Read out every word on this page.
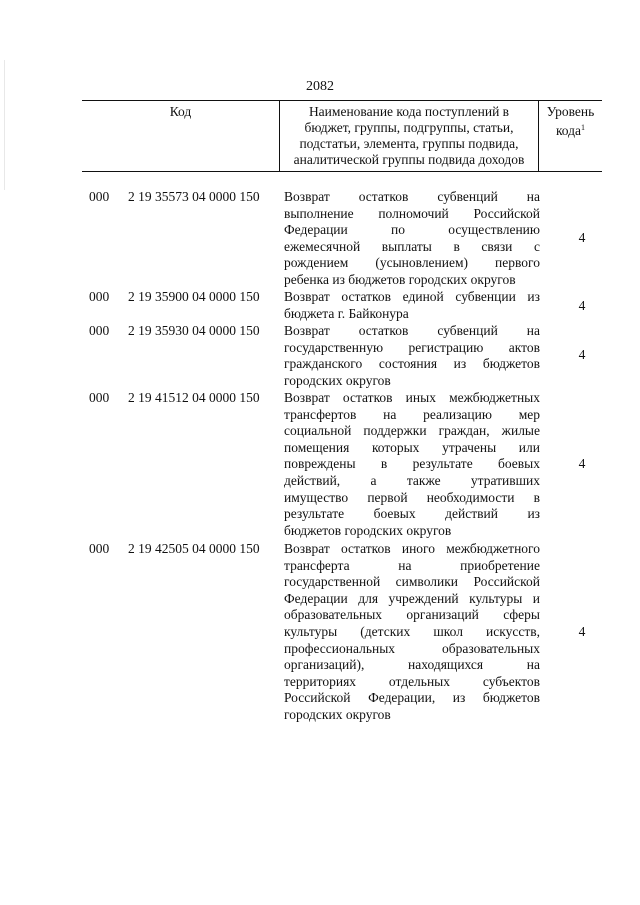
2082
Код	Наименование кода поступлений в
бюджет, группы, подгруппы, статьи,
подстатьи, элемента, группы подвида,
аналитической группы подвида доходов
Уровень
кода$^1$
000 2 19 35573 04 0000 150 Возврат остатков субвенций на
выполнение полномочий Российской
Федерации по осуществлению
ежемесячной выплаты в связи с
рождением (усыновлением) первого
ребенка из бюджетов городских округов
4
000 2 19 35900 04 0000 150 Возврат остатков единой субвенции из
бюджета г. Байконура
4
000 2 19 35930 04 0000 150 Возврат остатков субвенций на
государственную регистрацию актов
гражданского состояния из бюджетов
городских округов
4
000 2 19 41512 04 0000 150 Возврат остатков иных межбюджетных
трансфертов на реализацию мер
социальной поддержки граждан, жилые
помещения которых утрачены или
повреждены в результате боевых
действий, а также утративших
имущество первой необходимости в
результате боевых действий из
бюджетов городских округов
4
000 2 19 42505 04 0000 150 Возврат остатков иного межбюджетного
трансферта на приобретение
государственной символики Российской
Федерации для учреждений культуры и
образовательных организаций сферы
культуры (детских школ искусств,
профессиональных образовательных
организаций), находящихся на
территориях отдельных субъектов
Российской Федерации, из бюджетов
городских округов
4
